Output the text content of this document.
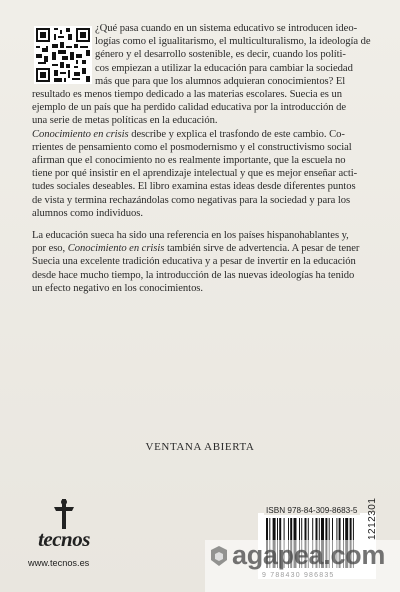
¿Qué pasa cuando en un sistema educativo se introducen ideo-
logías como el igualitarismo, el multiculturalismo, la ideología de
género y el desarrollo sostenible, es decir, cuando los políti-
cos empiezan a utilizar la educación para cambiar la sociedad
más que para que los alumnos adquieran conocimientos? El
resultado es menos tiempo dedicado a las materias escolares. Suecia es un
ejemplo de un país que ha perdido calidad educativa por la introducción de
una serie de metas políticas en la educación.
Conocimiento en crisis describe y explica el trasfondo de este cambio. Co-
rrientes de pensamiento como el posmodernismo y el constructivismo social
afirman que el conocimiento no es realmente importante, que la escuela no
tiene por qué insistir en el aprendizaje intelectual y que es mejor enseñar acti-
tudes sociales deseables. El libro examina estas ideas desde diferentes puntos
de vista y termina rechazándolas como negativas para la sociedad y para los
alumnos como individuos.
La educación sueca ha sido una referencia en los países hispanohablantes y,
por eso, Conocimiento en crisis también sirve de advertencia. A pesar de tener
Suecia una excelente tradición educativa y a pesar de invertir en la educación
desde hace mucho tiempo, la introducción de las nuevas ideologías ha tenido
un efecto negativo en los conocimientos.
VENTANA ABIERTA
tecnos
www.tecnos.es
ISBN 978-84-309-8683-5 1212301
agapea.com
